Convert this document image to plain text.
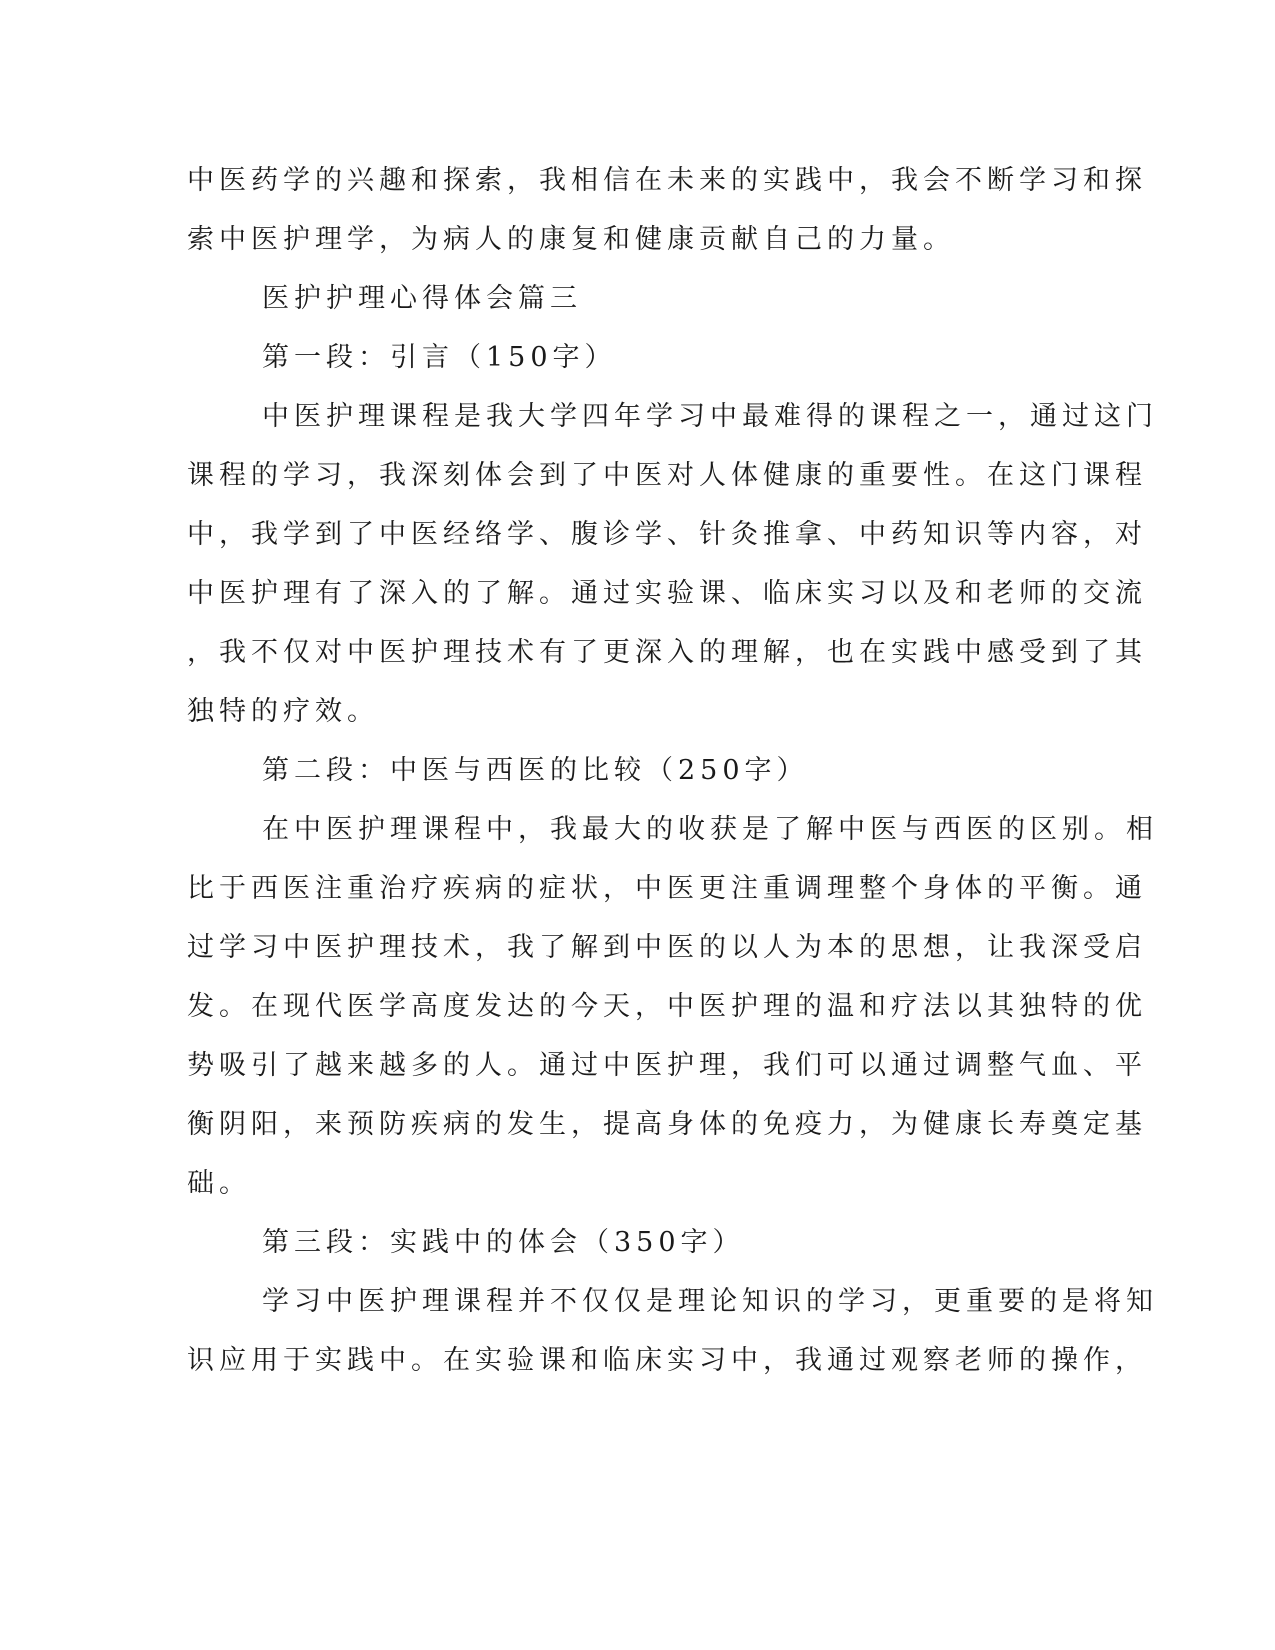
中医药学的兴趣和探索，我相信在未来的实践中，我会不断学习和探
索中医护理学，为病人的康复和健康贡献自己的力量。
医护护理心得体会篇三
第一段：引言（150字）
中医护理课程是我大学四年学习中最难得的课程之一，通过这门
课程的学习，我深刻体会到了中医对人体健康的重要性。在这门课程
中，我学到了中医经络学、腹诊学、针灸推拿、中药知识等内容，对
中医护理有了深入的了解。通过实验课、临床实习以及和老师的交流
，我不仅对中医护理技术有了更深入的理解，也在实践中感受到了其
独特的疗效。
第二段：中医与西医的比较（250字）
在中医护理课程中，我最大的收获是了解中医与西医的区别。相
比于西医注重治疗疾病的症状，中医更注重调理整个身体的平衡。通
过学习中医护理技术，我了解到中医的以人为本的思想，让我深受启
发。在现代医学高度发达的今天，中医护理的温和疗法以其独特的优
势吸引了越来越多的人。通过中医护理，我们可以通过调整气血、平
衡阴阳，来预防疾病的发生，提高身体的免疫力，为健康长寿奠定基
础。
第三段：实践中的体会（350字）
学习中医护理课程并不仅仅是理论知识的学习，更重要的是将知
识应用于实践中。在实验课和临床实习中，我通过观察老师的操作，
